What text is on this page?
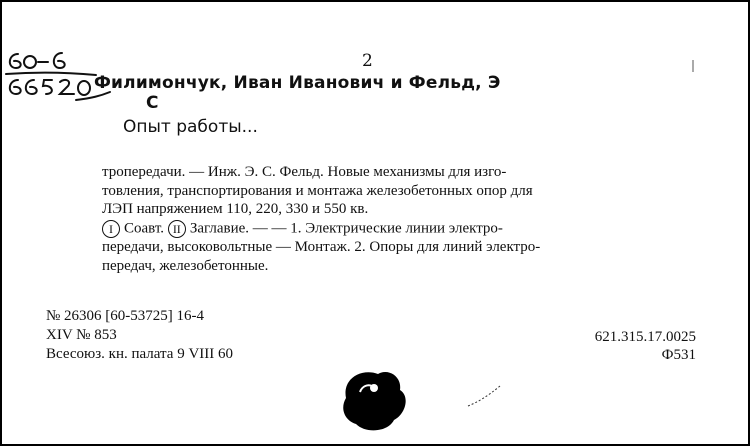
2
Филимончук, Иван Иванович и Фельд, Э
С
Опыт работы...
тропередачи. — Инж. Э. С. Фельд. Новые механизмы для изго-
товления, транспортирования и монтажа железобетонных опор для
ЛЭП напряжением 110, 220, 330 и 550 кв.
I Соавт. II Заглавие. — — 1. Электрические линии электро-
передачи, высоковольтные — Монтаж. 2. Опоры для линий электро-
передач, железобетонные.
№ 26306 [60-53725] 16-4
XIV № 853
Всесоюз. кн. палата 9 VIII 60
621.315.17.0025
Ф531
